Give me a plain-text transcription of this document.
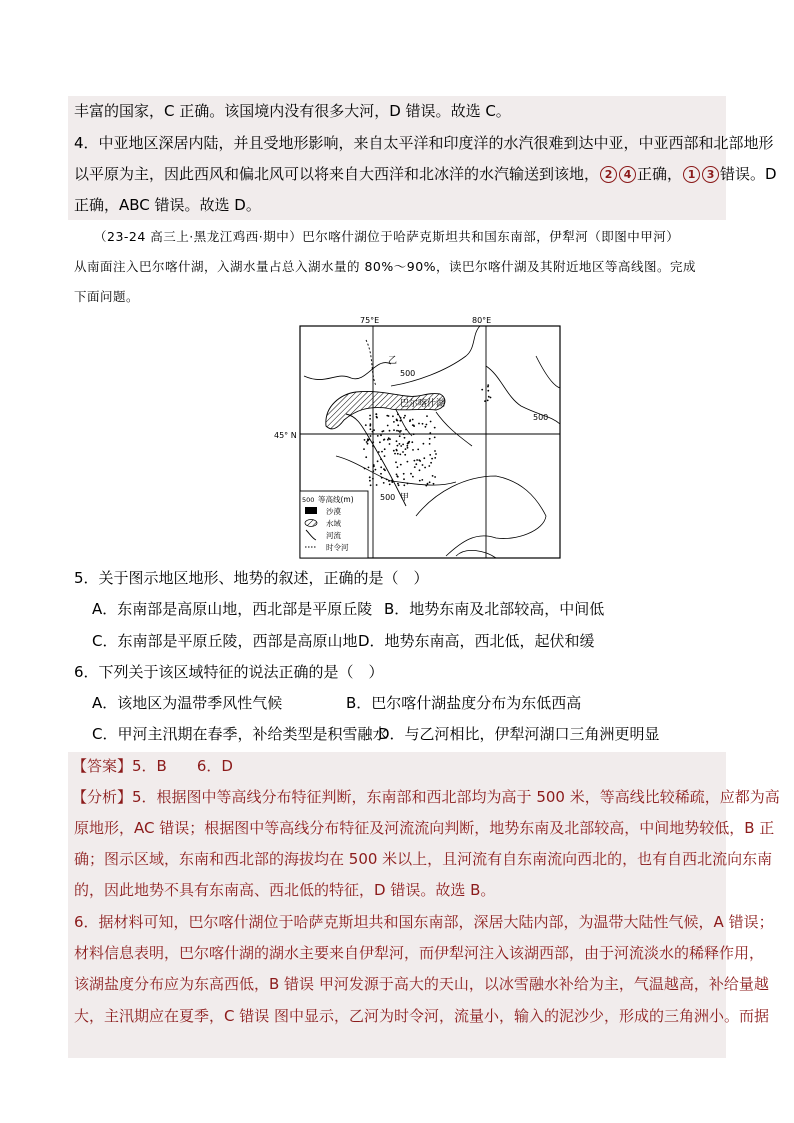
丰富的国家，C 正确。该国境内没有很多大河，D 错误。故选 C。
4．中亚地区深居内陆，并且受地形影响，来自太平洋和印度洋的水汽很难到达中亚，中亚西部和北部地形
以平原为主，因此西风和偏北风可以将来自大西洋和北冰洋的水汽输送到该地， 2 4 正确， 1 3 错误。D
正确，ABC 错误。故选 D。
（23-24 高三上·黑龙江鸡西·期中）巴尔喀什湖位于哈萨克斯坦共和国东南部，伊犁河（即图中甲河）
从南面注入巴尔喀什湖，入湖水量占总入湖水量的 80%～90%，读巴尔喀什湖及其附近地区等高线图。完成
下面问题。
75°E	80°E
45° N
乙
巴尔喀什湖
500
500
500 甲
500 等高线(m)
沙漠
水域
河流
时令河
5．关于图示地区地形、地势的叙述，正确的是（　）
A．东南部是高原山地，西北部是平原丘陵 B．地势东南及北部较高，中间低
C．东南部是平原丘陵，西部是高原山地 D．地势东南高，西北低，起伏和缓
6．下列关于该区域特征的说法正确的是（　）
A．该地区为温带季风性气候	B．巴尔喀什湖盐度分布为东低西高
C．甲河主汛期在春季，补给类型是积雪融水
D．与乙河相比，伊犁河湖口三角洲更明显
【答案】5．B　　6．D
【分析】5．根据图中等高线分布特征判断，东南部和西北部均为高于 500 米，等高线比较稀疏，应都为高
原地形，AC 错误；根据图中等高线分布特征及河流流向判断，地势东南及北部较高，中间地势较低，B 正
确；图示区域，东南和西北部的海拔均在 500 米以上，且河流有自东南流向西北的，也有自西北流向东南
的，因此地势不具有东南高、西北低的特征，D 错误。故选 B。
6．据材料可知，巴尔喀什湖位于哈萨克斯坦共和国东南部，深居大陆内部，为温带大陆性气候，A 错误；
材料信息表明，巴尔喀什湖的湖水主要来自伊犁河，而伊犁河注入该湖西部，由于河流淡水的稀释作用，
该湖盐度分布应为东高西低，B 错误 甲河发源于高大的天山，以冰雪融水补给为主，气温越高，补给量越
大，主汛期应在夏季，C 错误 图中显示，乙河为时令河，流量小，输入的泥沙少，形成的三角洲小。而据
